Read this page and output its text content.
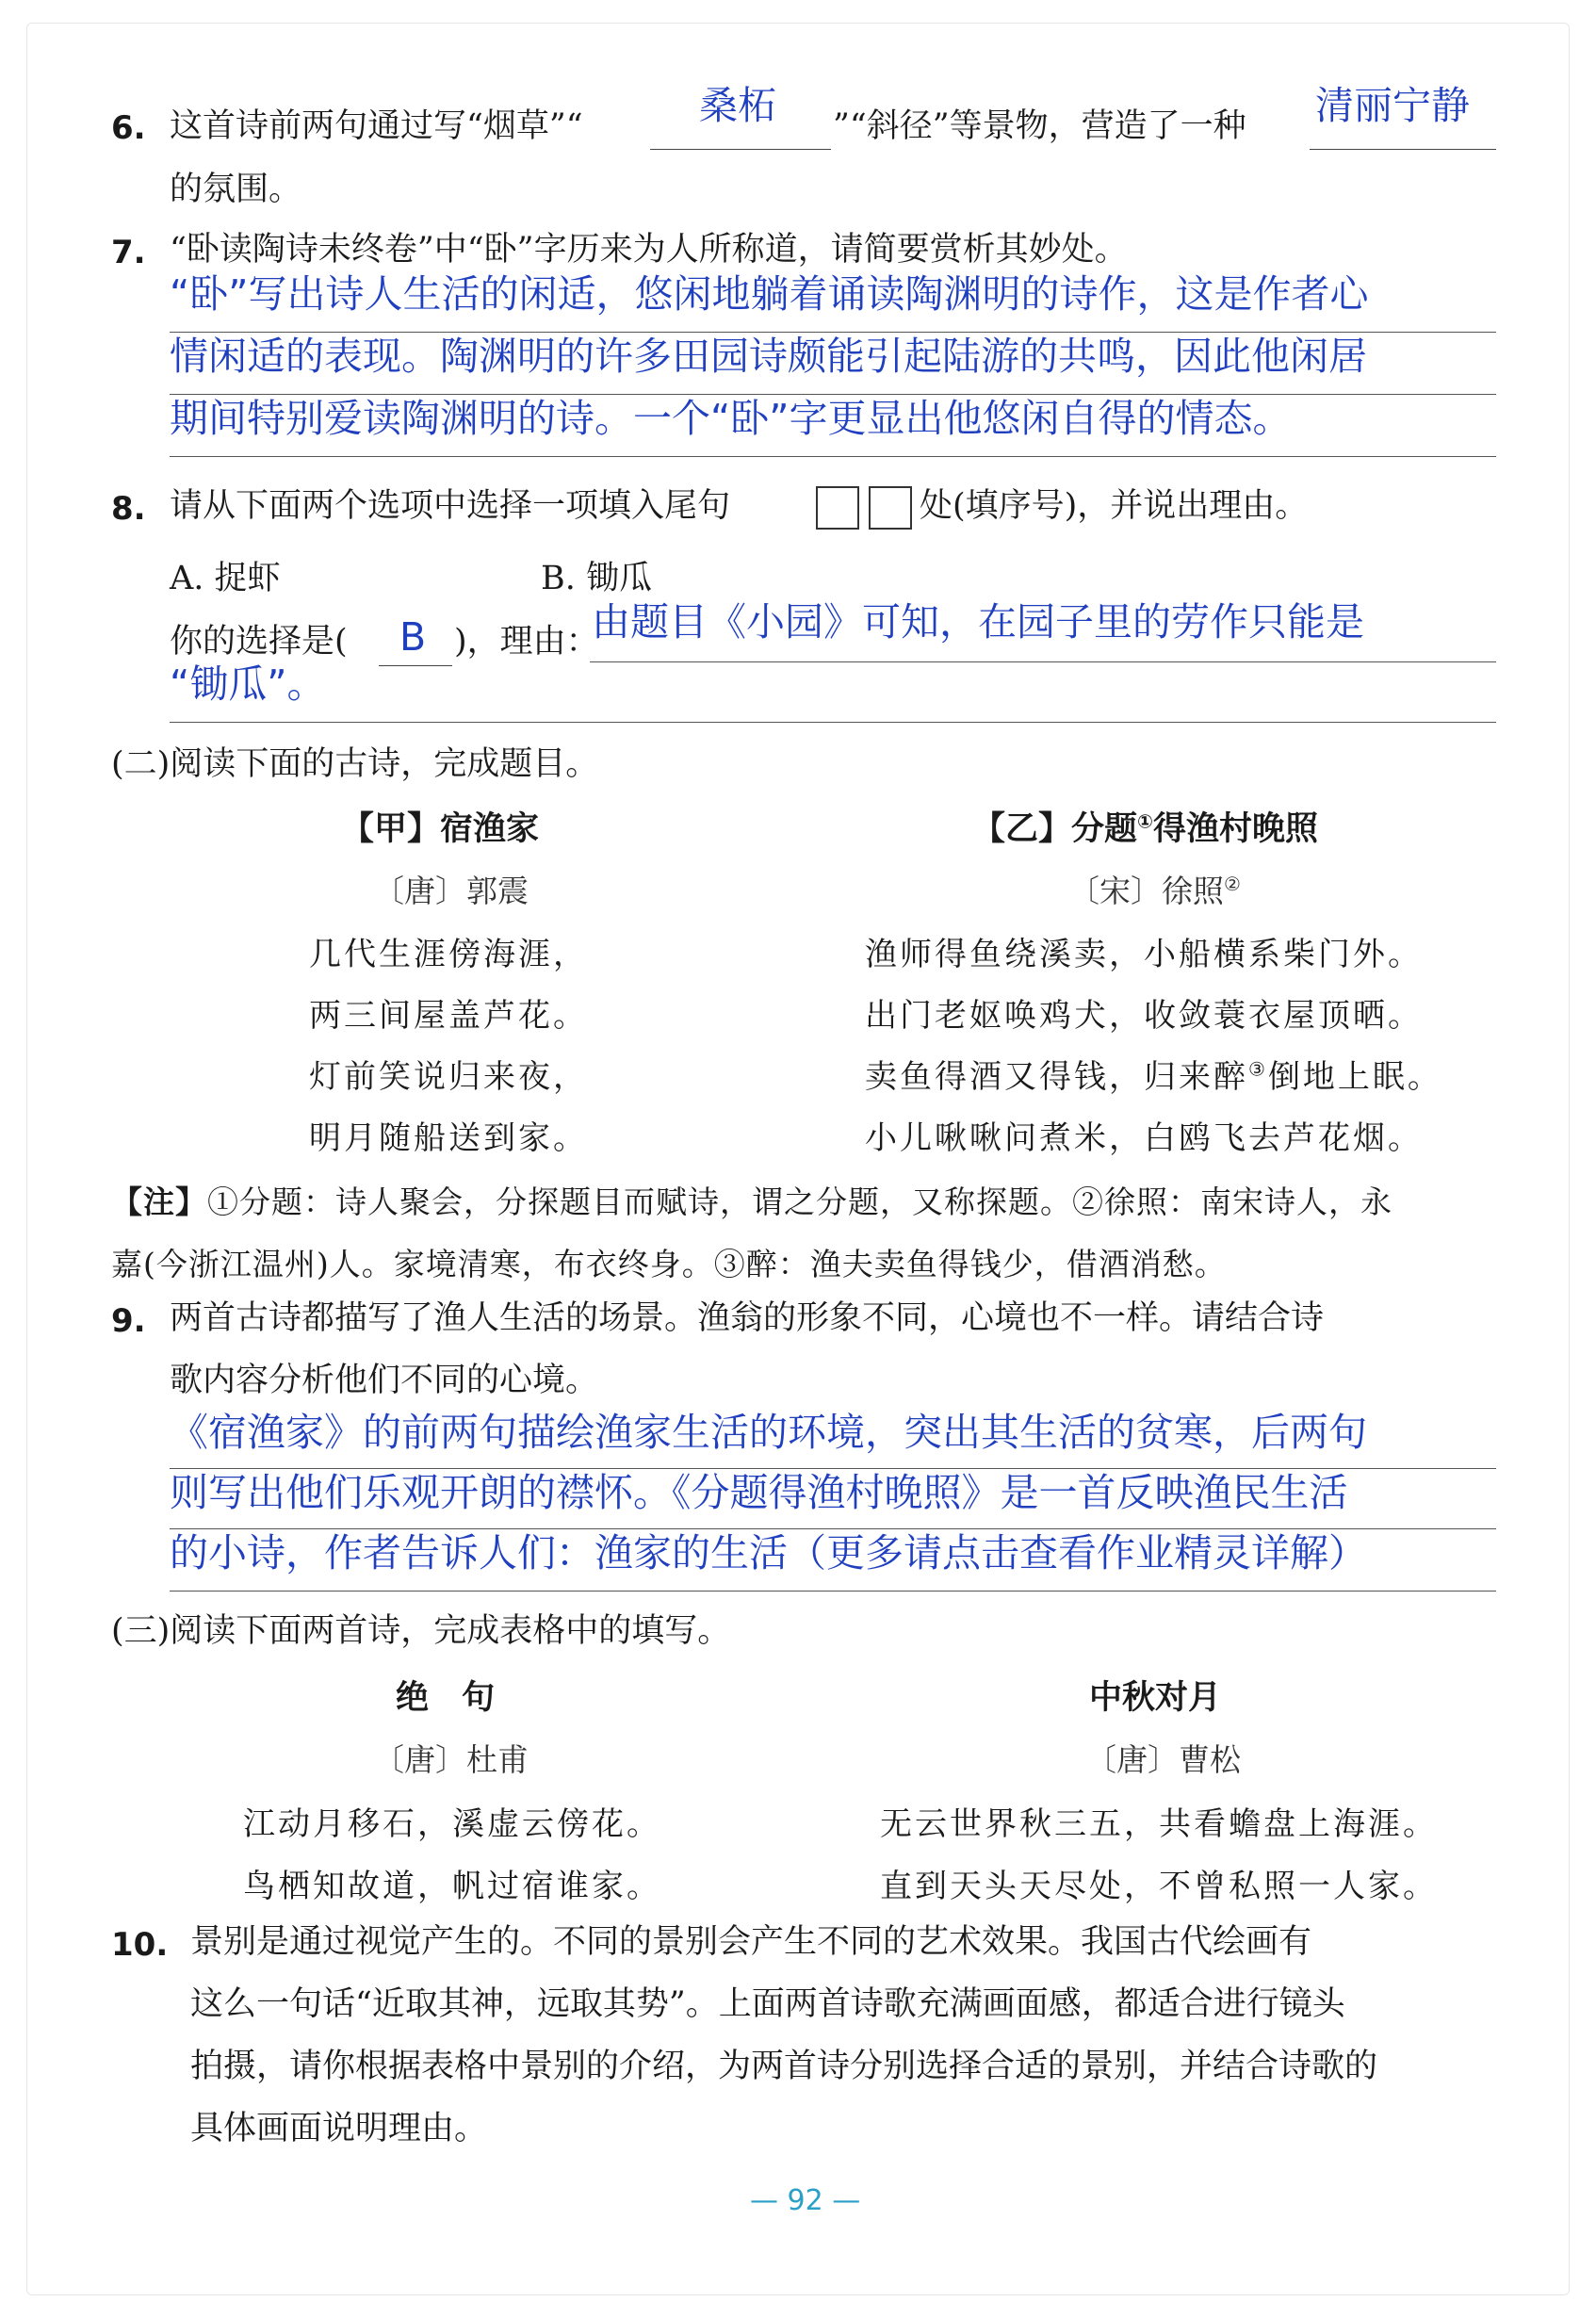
6. 这首诗前两句通过写“烟草”“	桑柘 ”“斜径”等景物，营造了一种 清丽宁静
的氛围。
7. “卧读陶诗未终卷”中“卧”字历来为人所称道，请简要赏析其妙处。
“卧”写出诗人生活的闲适，悠闲地躺着诵读陶渊明的诗作，这是作者心
情闲适的表现。陶渊明的许多田园诗颇能引起陆游的共鸣，因此他闲居
期间特别爱读陶渊明的诗。一个“卧”字更显出他悠闲自得的情态。
8. 请从下面两个选项中选择一项填入尾句	处(填序号)，并说出理由。
A. 捉虾	B. 锄瓜
你的选择是( B )，理由：
由题目《小园》可知，在园子里的劳作只能是
“锄瓜”。
(二)阅读下面的古诗，完成题目。
【甲】宿渔家
〔唐〕郭震
几代生涯傍海涯，
两三间屋盖芦花。
灯前笑说归来夜，
明月随船送到家。
【乙】分题①得渔村晚照
〔宋〕徐照②
渔师得鱼绕溪卖，小船横系柴门外。
出门老妪唤鸡犬，收敛蓑衣屋顶晒。
卖鱼得酒又得钱，归来醉③倒地上眠。
小儿啾啾问煮米，白鸥飞去芦花烟。
【注】①分题：诗人聚会，分探题目而赋诗，谓之分题，又称探题。②徐照：南宋诗人，永
嘉(今浙江温州)人。家境清寒，布衣终身。③醉：渔夫卖鱼得钱少，借酒消愁。
9. 两首古诗都描写了渔人生活的场景。渔翁的形象不同，心境也不一样。请结合诗
歌内容分析他们不同的心境。
《宿渔家》的前两句描绘渔家生活的环境，突出其生活的贫寒，后两句
则写出他们乐观开朗的襟怀。《分题得渔村晚照》是一首反映渔民生活
的小诗，作者告诉人们：渔家的生活（更多请点击查看作业精灵详解）
(三)阅读下面两首诗，完成表格中的填写。
绝　句
〔唐〕杜甫
江动月移石，溪虚云傍花。
鸟栖知故道，帆过宿谁家。
中秋对月
〔唐〕曹松
无云世界秋三五，共看蟾盘上海涯。
直到天头天尽处，不曾私照一人家。
10. 景别是通过视觉产生的。不同的景别会产生不同的艺术效果。我国古代绘画有
这么一句话“近取其神，远取其势”。上面两首诗歌充满画面感，都适合进行镜头
拍摄，请你根据表格中景别的介绍，为两首诗分别选择合适的景别，并结合诗歌的
具体画面说明理由。
— 92 —
